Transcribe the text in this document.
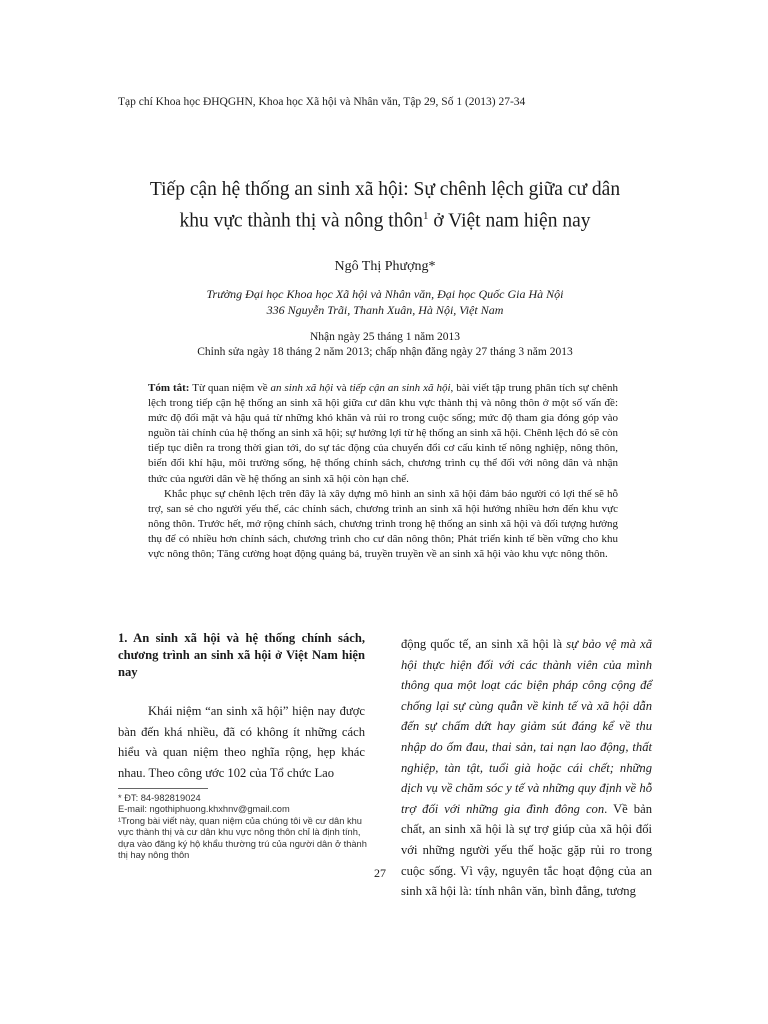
Tạp chí Khoa học ĐHQGHN, Khoa học Xã hội và Nhân văn, Tập 29, Số 1 (2013) 27-34
Tiếp cận hệ thống an sinh xã hội: Sự chênh lệch giữa cư dân
khu vực thành thị và nông thôn$^1$ ở Việt nam hiện nay
Ngô Thị Phượng*
Trường Đại học Khoa học Xã hội và Nhân văn, Đại học Quốc Gia Hà Nội
336 Nguyễn Trãi, Thanh Xuân, Hà Nội, Việt Nam
Nhận ngày 25 tháng 1 năm 2013
Chỉnh sửa ngày 18 tháng 2 năm 2013; chấp nhận đăng ngày 27 tháng 3 năm 2013

Tóm tắt: Từ quan niệm về an sinh xã hội và tiếp cận an sinh xã hội, bài viết tập trung phân tích sự chênh lệch trong tiếp cận hệ thống an sinh xã hội giữa cư dân khu vực thành thị và nông thôn ở một số vấn đề: mức độ đối mặt và hậu quả từ những khó khăn và rủi ro trong cuộc sống; mức độ tham gia đóng góp vào nguồn tài chính của hệ thống an sinh xã hội; sự hưởng lợi từ hệ thống an sinh xã hội. Chênh lệch đó sẽ còn tiếp tục diễn ra trong thời gian tới, do sự tác động của chuyển đổi cơ cấu kinh tế nông nghiệp, nông thôn, biến đổi khí hậu, môi trường sống, hệ thống chính sách, chương trình cụ thể đối với nông dân và nhận thức của người dân về hệ thống an sinh xã hội còn hạn chế.

Khắc phục sự chênh lệch trên đây là xây dựng mô hình an sinh xã hội đảm bảo người có lợi thế sẽ hỗ trợ, san sẻ cho người yếu thế, các chính sách, chương trình an sinh xã hội hướng nhiều hơn đến khu vực nông thôn. Trước hết, mở rộng chính sách, chương trình trong hệ thống an sinh xã hội và đối tượng hưởng thụ để có nhiều hơn chính sách, chương trình cho cư dân nông thôn; Phát triển kinh tế bền vững cho khu vực nông thôn; Tăng cường hoạt động quảng bá, truyền truyền về an sinh xã hội vào khu vực nông thôn.

1. An sinh xã hội và hệ thống chính sách, chương trình an sinh xã hội ở Việt Nam hiện nay

Khái niệm “an sinh xã hội” hiện nay được bàn đến khá nhiều, đã có không ít những cách hiểu và quan niệm theo nghĩa rộng, hẹp khác nhau. Theo công ước 102 của Tổ chức Lao

động quốc tế, an sinh xã hội là sự bảo vệ mà xã hội thực hiện đối với các thành viên của mình thông qua một loạt các biện pháp công cộng để chống lại sự cùng quẫn về kinh tế và xã hội dẫn đến sự chấm dứt hay giảm sút đáng kể về thu nhập do ốm đau, thai sản, tai nạn lao động, thất nghiệp, tàn tật, tuổi già hoặc cái chết; những dịch vụ về chăm sóc y tế và những quy định về hỗ trợ đối với những gia đình đông con. Về bản chất, an sinh xã hội là sự trợ giúp của xã hội đối với những người yếu thế hoặc gặp rủi ro trong cuộc sống. Vì vậy, nguyên tắc hoạt động của an sinh xã hội là: tính nhân văn, bình đẳng, tương

* ĐT: 84-982819024

E-mail: ngothiphuong.khxhnv@gmail.com

¹Trong bài viết này, quan niệm của chúng tôi về cư dân khu vực thành thị và cư dân khu vực nông thôn chỉ là định tính, dựa vào đăng ký hộ khẩu thường trú của người dân ở thành thị hay nông thôn

27
